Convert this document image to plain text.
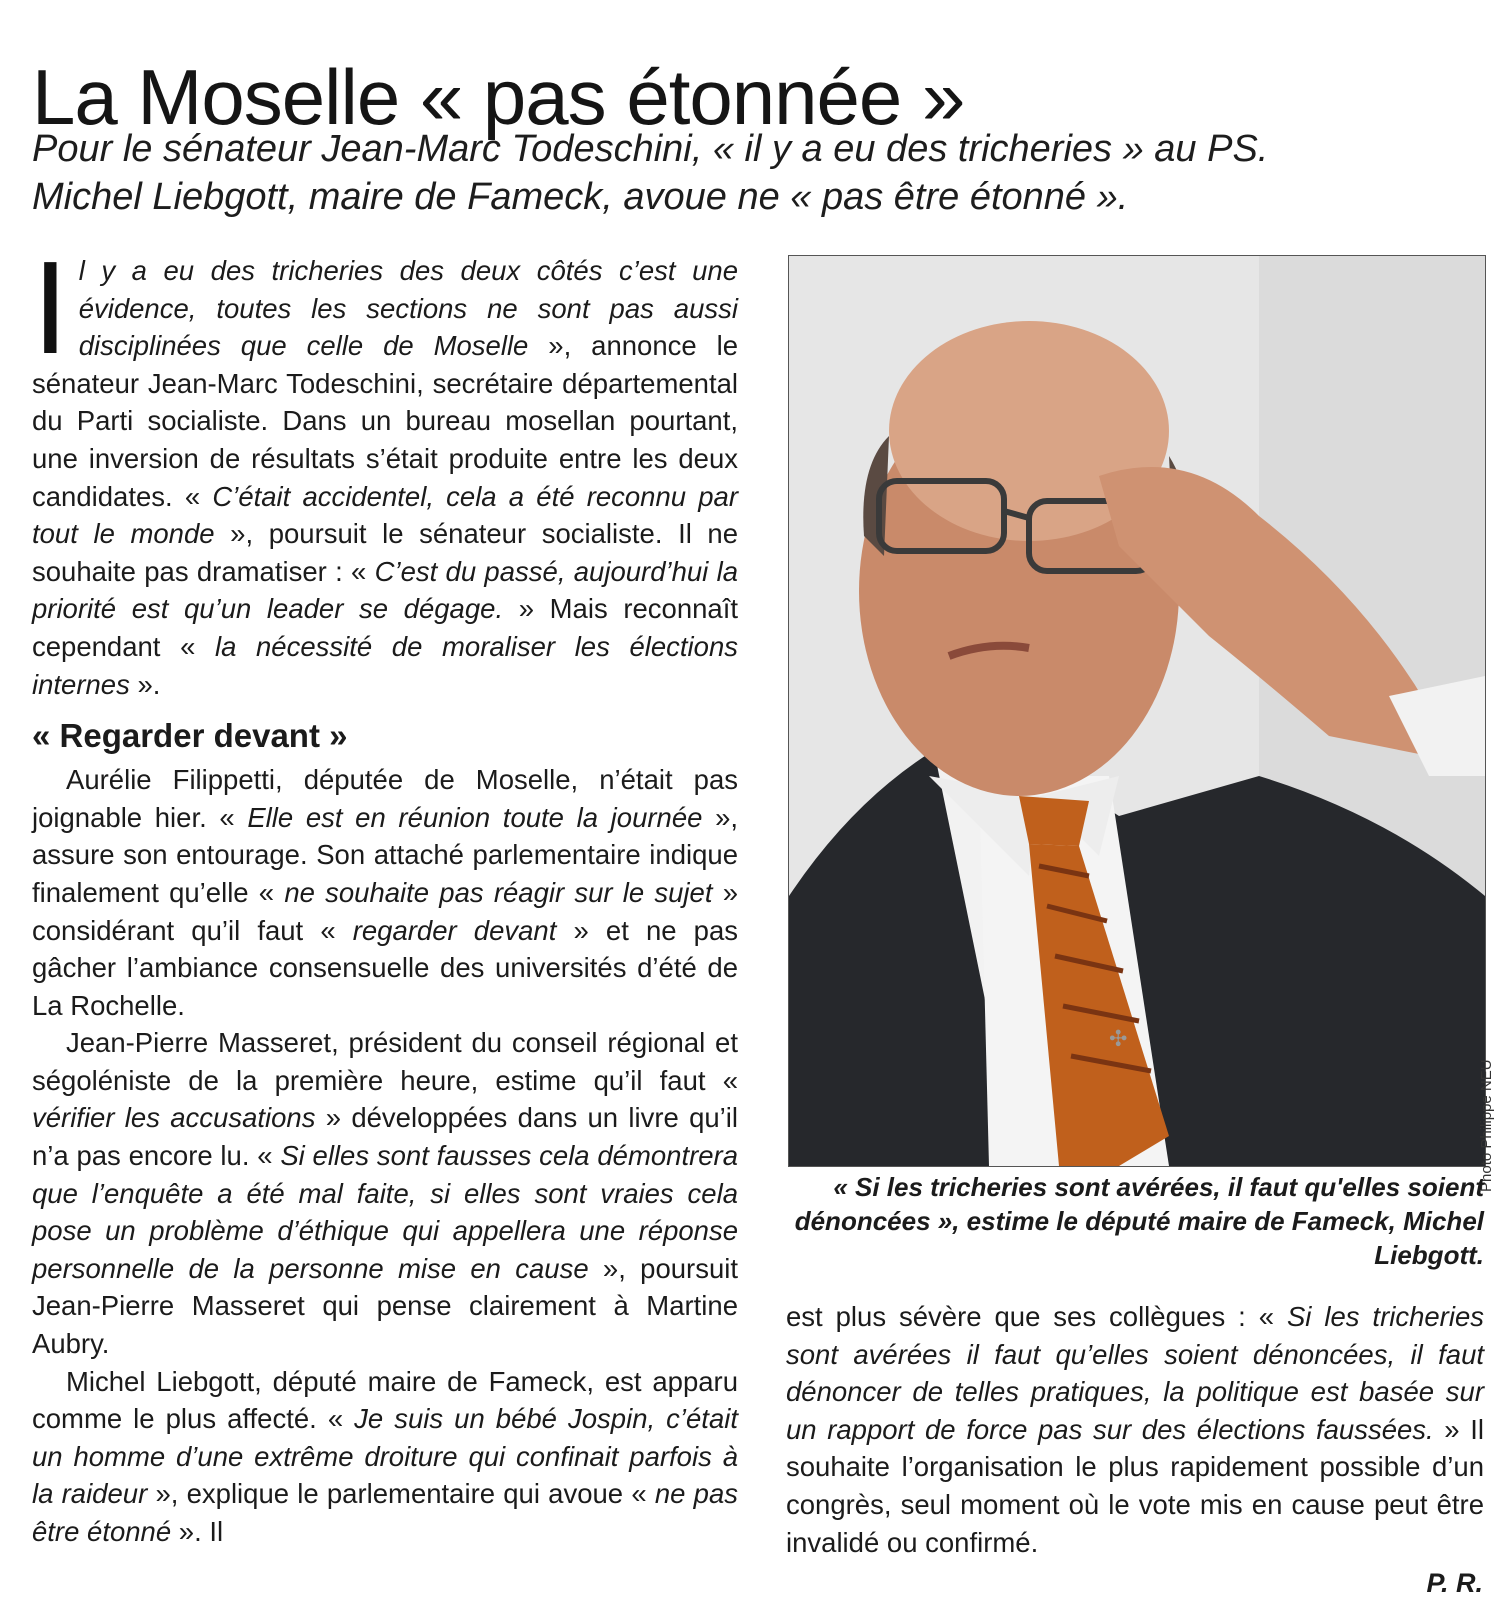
La Moselle « pas étonnée »
Pour le sénateur Jean-Marc Todeschini, « il y a eu des tricheries » au PS.
Michel Liebgott, maire de Fameck, avoue ne « pas être étonné ».

Il y a eu des tricheries des deux côtés c’est une évidence, toutes les sections ne sont pas aussi disciplinées que celle de Moselle », annonce le sénateur Jean-Marc Todeschini, secrétaire départemental du Parti socialiste. Dans un bureau mosellan pourtant, une inversion de résultats s’était produite entre les deux candidates. « C’était accidentel, cela a été reconnu par tout le monde », poursuit le sénateur socialiste. Il ne souhaite pas dramatiser : « C’est du passé, aujourd’hui la priorité est qu’un leader se dégage. » Mais reconnaît cependant « la nécessité de moraliser les élections internes ».

« Regarder devant »

Aurélie Filippetti, députée de Moselle, n’était pas joignable hier. « Elle est en réunion toute la journée », assure son entourage. Son attaché parlementaire indique finalement qu’elle « ne souhaite pas réagir sur le sujet » considérant qu’il faut « regarder devant » et ne pas gâcher l’ambiance consensuelle des universités d’été de La Rochelle.

Jean-Pierre Masseret, président du conseil régional et ségoléniste de la première heure, estime qu’il faut « vérifier les accusations » développées dans un livre qu’il n’a pas encore lu. « Si elles sont fausses cela démontrera que l’enquête a été mal faite, si elles sont vraies cela pose un problème d’éthique qui appellera une réponse personnelle de la personne mise en cause », poursuit Jean-Pierre Masseret qui pense clairement à Martine Aubry.

Michel Liebgott, député maire de Fameck, est apparu comme le plus affecté. « Je suis un bébé Jospin, c’était un homme d’une extrême droiture qui confinait parfois à la raideur », explique le parlementaire qui avoue « ne pas être étonné ». Il

✣
Photo Philippe NEU
« Si les tricheries sont avérées, il faut qu'elles soient dénoncées », estime le député maire de Fameck, Michel Liebgott.

est plus sévère que ses collègues : « Si les tricheries sont avérées il faut qu’elles soient dénoncées, il faut dénoncer de telles pratiques, la politique est basée sur un rapport de force pas sur des élections faussées. » Il souhaite l’organisation le plus rapidement possible d’un congrès, seul moment où le vote mis en cause peut être invalidé ou confirmé.

P. R.
